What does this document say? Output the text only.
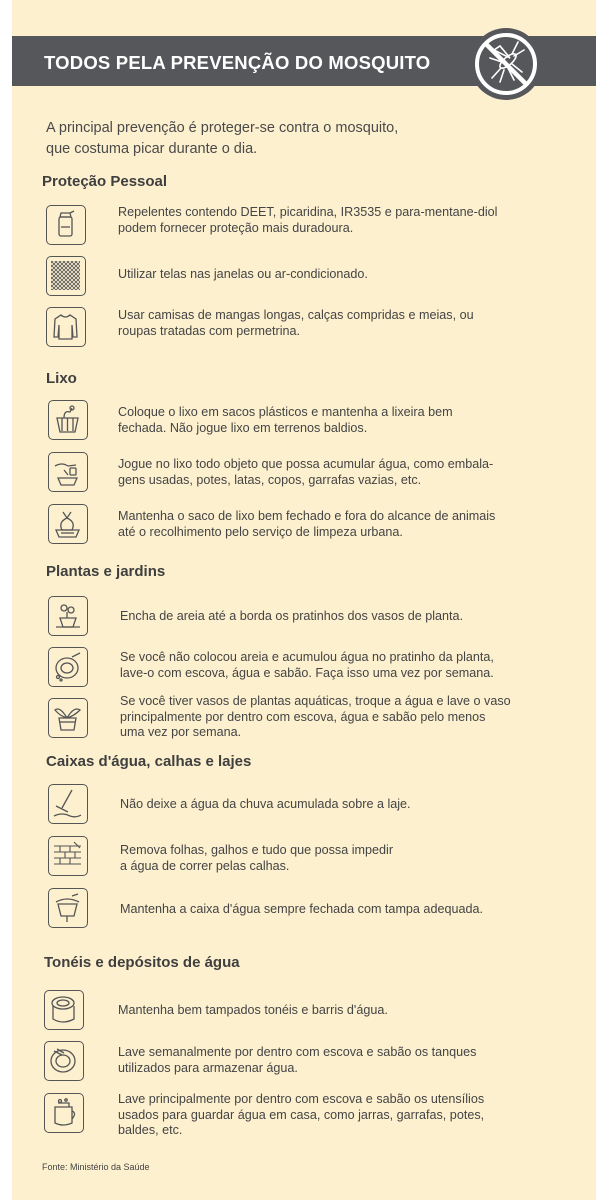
TODOS PELA PREVENÇÃO DO MOSQUITO
A principal prevenção é proteger-se contra o mosquito,
que costuma picar durante o dia.
Proteção Pessoal
Repelentes contendo DEET, picaridina, IR3535 e para-mentane-diol
podem fornecer proteção mais duradoura.
Utilizar telas nas janelas ou ar-condicionado.
Usar camisas de mangas longas, calças compridas e meias, ou
roupas tratadas com permetrina.
Lixo
Coloque o lixo em sacos plásticos e mantenha a lixeira bem
fechada. Não jogue lixo em terrenos baldios.
Jogue no lixo todo objeto que possa acumular água, como embala-
gens usadas, potes, latas, copos, garrafas vazias, etc.
Mantenha o saco de lixo bem fechado e fora do alcance de animais
até o recolhimento pelo serviço de limpeza urbana.
Plantas e jardins
Encha de areia até a borda os pratinhos dos vasos de planta.
Se você não colocou areia e acumulou água no pratinho da planta,
lave-o com escova, água e sabão. Faça isso uma vez por semana.
Se você tiver vasos de plantas aquáticas, troque a água e lave o vaso
principalmente por dentro com escova, água e sabão pelo menos
uma vez por semana.
Caixas d'água, calhas e lajes
Não deixe a água da chuva acumulada sobre a laje.
Remova folhas, galhos e tudo que possa impedir
a água de correr pelas calhas.
Mantenha a caixa d'água sempre fechada com tampa adequada.
Tonéis e depósitos de água
Mantenha bem tampados tonéis e barris d'água.
Lave semanalmente por dentro com escova e sabão os tanques
utilizados para armazenar água.
Lave principalmente por dentro com escova e sabão os utensílios
usados para guardar água em casa, como jarras, garrafas, potes,
baldes, etc.
Fonte: Ministério da Saúde
